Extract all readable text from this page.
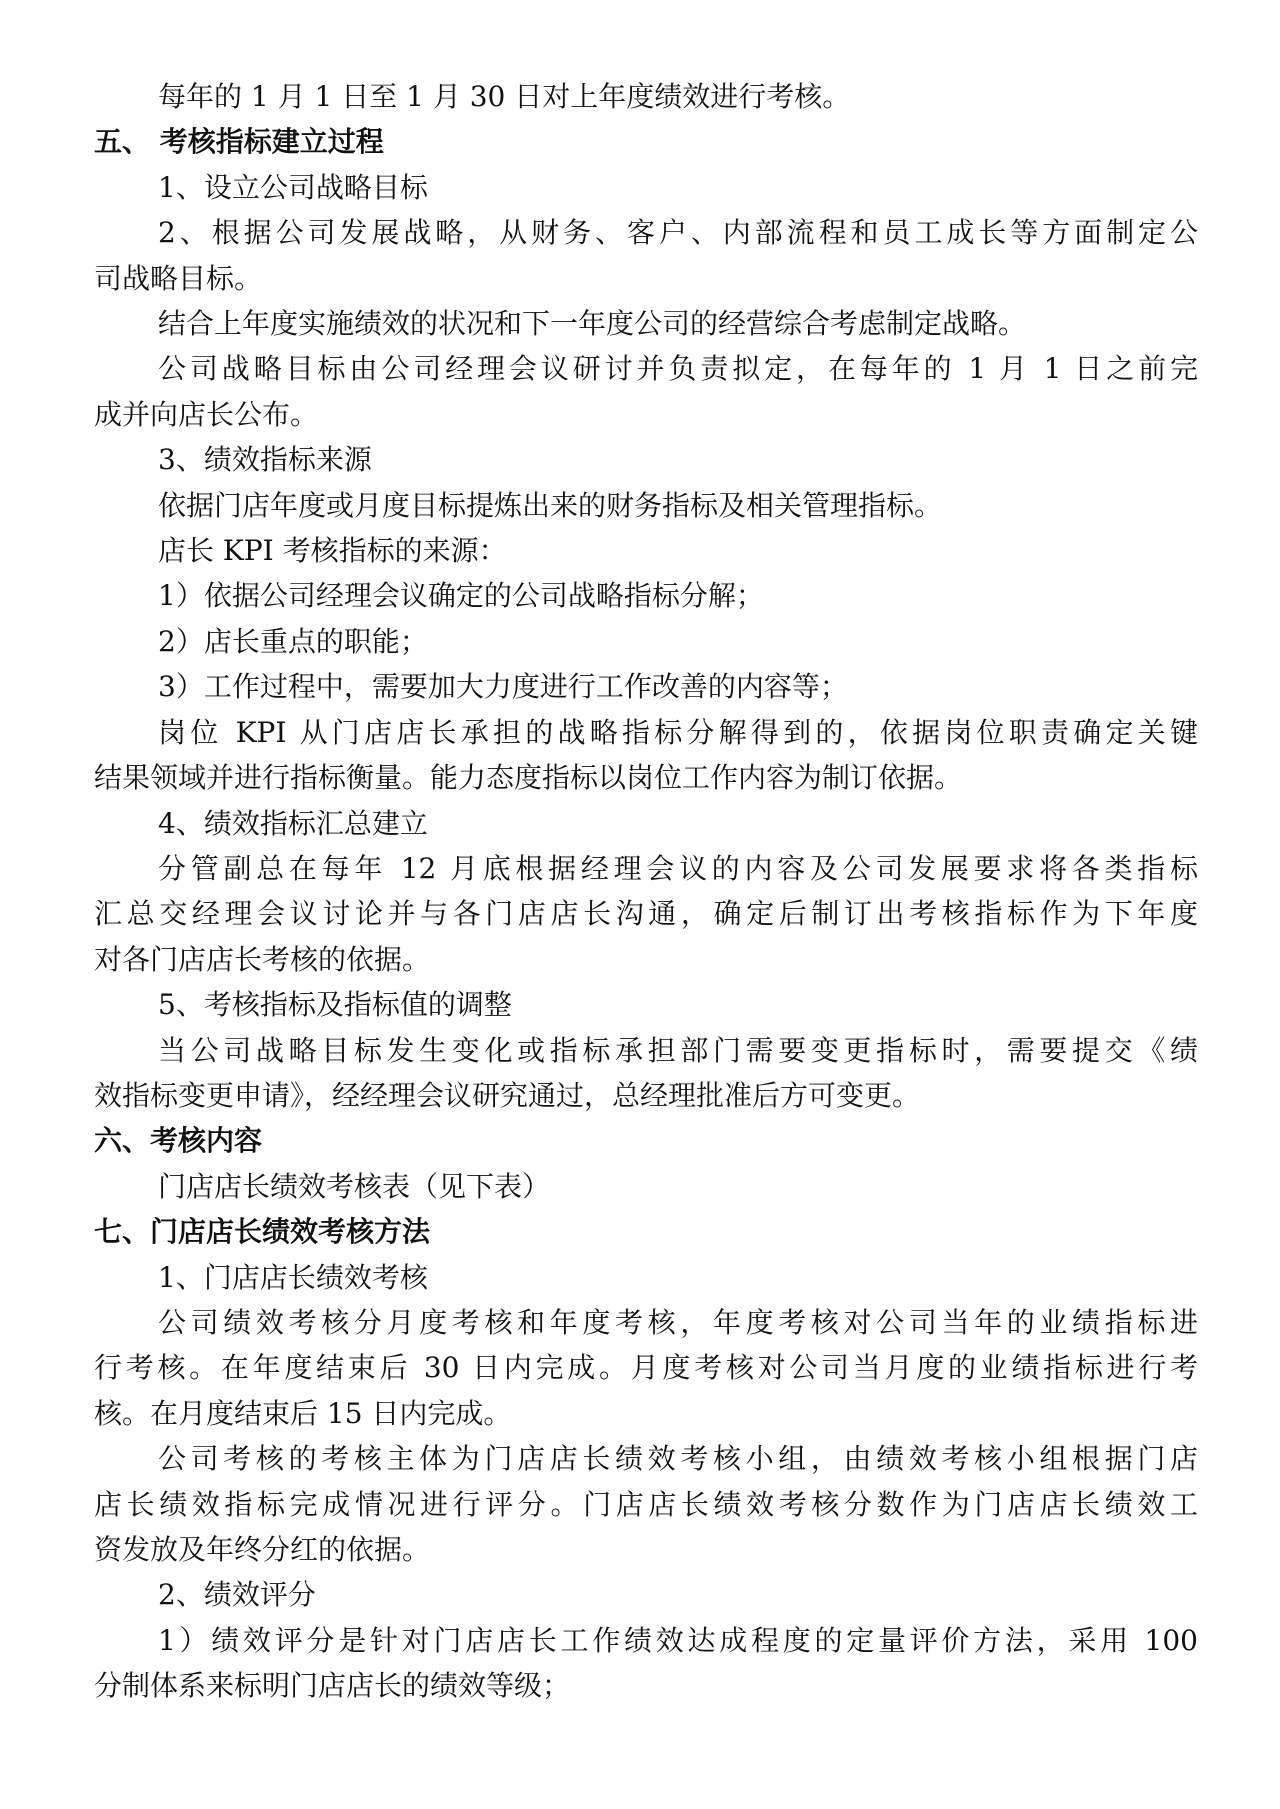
每年的 1 月 1 日至 1 月 30 日对上年度绩效进行考核。
五、 考核指标建立过程
1、设立公司战略目标
2、根据公司发展战略，从财务、客户、内部流程和员工成长等方面制定公
司战略目标。
结合上年度实施绩效的状况和下一年度公司的经营综合考虑制定战略。
公司战略目标由公司经理会议研讨并负责拟定，在每年的 1 月 1 日之前完
成并向店长公布。
3、绩效指标来源
依据门店年度或月度目标提炼出来的财务指标及相关管理指标。
店长 KPI 考核指标的来源：
1）依据公司经理会议确定的公司战略指标分解；
2）店长重点的职能；
3）工作过程中，需要加大力度进行工作改善的内容等；
岗位 KPI 从门店店长承担的战略指标分解得到的，依据岗位职责确定关键
结果领域并进行指标衡量。能力态度指标以岗位工作内容为制订依据。
4、绩效指标汇总建立
分管副总在每年 12 月底根据经理会议的内容及公司发展要求将各类指标
汇总交经理会议讨论并与各门店店长沟通，确定后制订出考核指标作为下年度
对各门店店长考核的依据。
5、考核指标及指标值的调整
当公司战略目标发生变化或指标承担部门需要变更指标时，需要提交《绩
效指标变更申请》，经经理会议研究通过，总经理批准后方可变更。
六、考核内容
门店店长绩效考核表（见下表）
七、门店店长绩效考核方法
1、门店店长绩效考核
公司绩效考核分月度考核和年度考核，年度考核对公司当年的业绩指标进
行考核。在年度结束后 30 日内完成。月度考核对公司当月度的业绩指标进行考
核。在月度结束后 15 日内完成。
公司考核的考核主体为门店店长绩效考核小组，由绩效考核小组根据门店
店长绩效指标完成情况进行评分。门店店长绩效考核分数作为门店店长绩效工
资发放及年终分红的依据。
2、绩效评分
1）绩效评分是针对门店店长工作绩效达成程度的定量评价方法，采用 100
分制体系来标明门店店长的绩效等级；
